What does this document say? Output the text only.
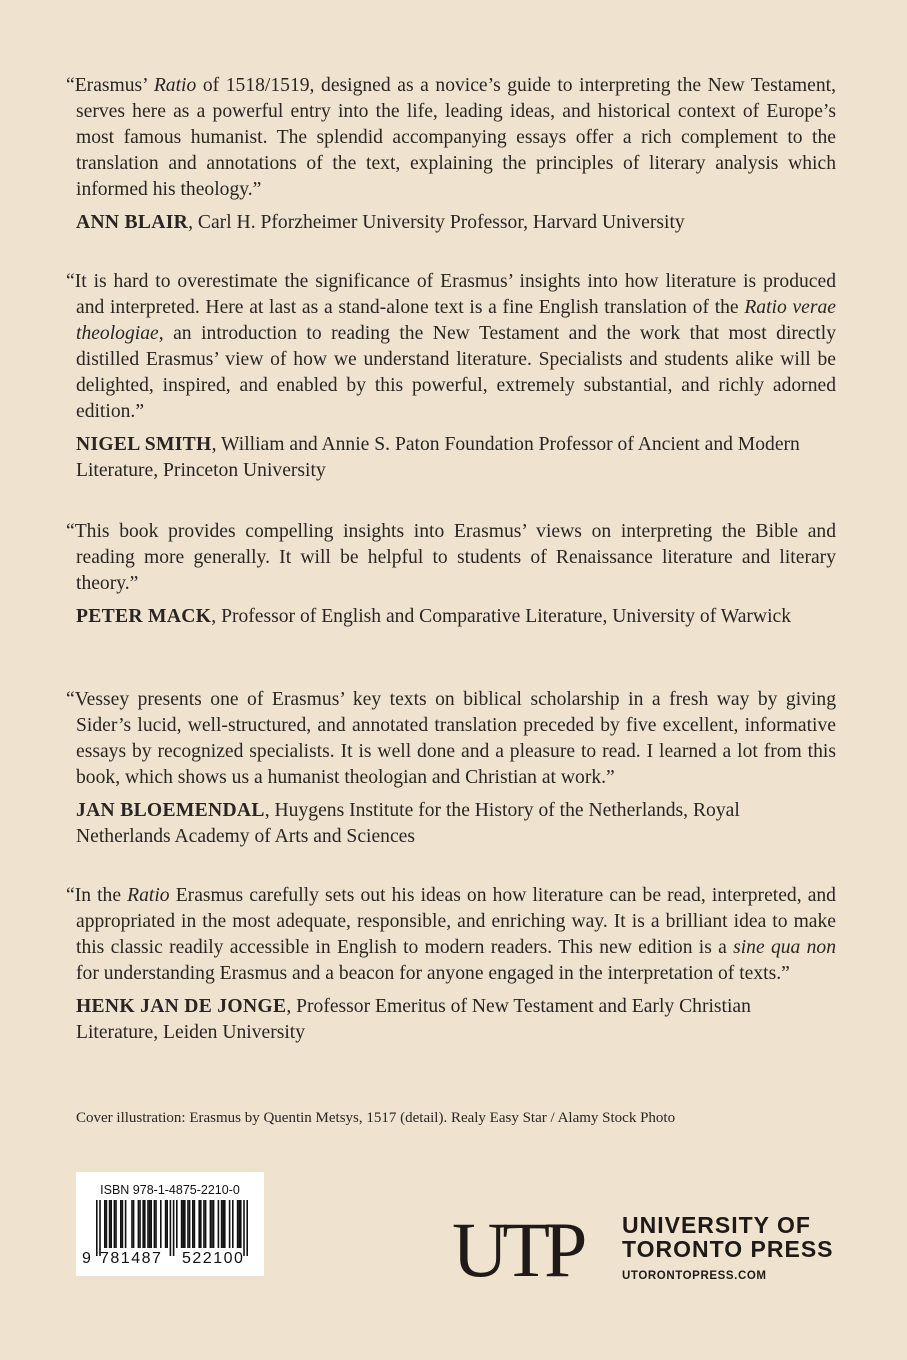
“Erasmus’ Ratio of 1518/1519, designed as a novice’s guide to interpreting the New Testament, serves here as a powerful entry into the life, leading ideas, and historical context of Europe’s most famous humanist. The splendid accompanying essays offer a rich complement to the translation and annotations of the text, explaining the principles of literary analysis which informed his theology.”

ANN BLAIR, Carl H. Pforzheimer University Professor, Harvard University

“It is hard to overestimate the significance of Erasmus’ insights into how literature is produced and interpreted. Here at last as a stand-alone text is a fine English translation of the Ratio verae theologiae, an introduction to reading the New Testament and the work that most directly distilled Erasmus’ view of how we understand literature. Specialists and students alike will be delighted, inspired, and enabled by this powerful, extremely substantial, and richly adorned edition.”

NIGEL SMITH, William and Annie S. Paton Foundation Professor of Ancient and Modern Literature, Princeton University

“This book provides compelling insights into Erasmus’ views on interpreting the Bible and reading more generally. It will be helpful to students of Renaissance literature and literary theory.”

PETER MACK, Professor of English and Comparative Literature, University of Warwick

“Vessey presents one of Erasmus’ key texts on biblical scholarship in a fresh way by giving Sider’s lucid, well-structured, and annotated translation preceded by five excellent, informative essays by recognized specialists. It is well done and a pleasure to read. I learned a lot from this book, which shows us a humanist theologian and Christian at work.”

JAN BLOEMENDAL, Huygens Institute for the History of the Netherlands, Royal Netherlands Academy of Arts and Sciences

“In the Ratio Erasmus carefully sets out his ideas on how literature can be read, interpreted, and appropriated in the most adequate, responsible, and enriching way. It is a brilliant idea to make this classic readily accessible in English to modern readers. This new edition is a sine qua non for understanding Erasmus and a beacon for anyone engaged in the interpretation of texts.”

HENK JAN DE JONGE, Professor Emeritus of New Testament and Early Christian Literature, Leiden University

Cover illustration: Erasmus by Quentin Metsys, 1517 (detail). Realy Easy Star / Alamy Stock Photo
ISBN 978-1-4875-2210-0
9 781487 522100	UTP UNIVERSITY OF
TORONTO PRESS
UTORONTOPRESS.COM
